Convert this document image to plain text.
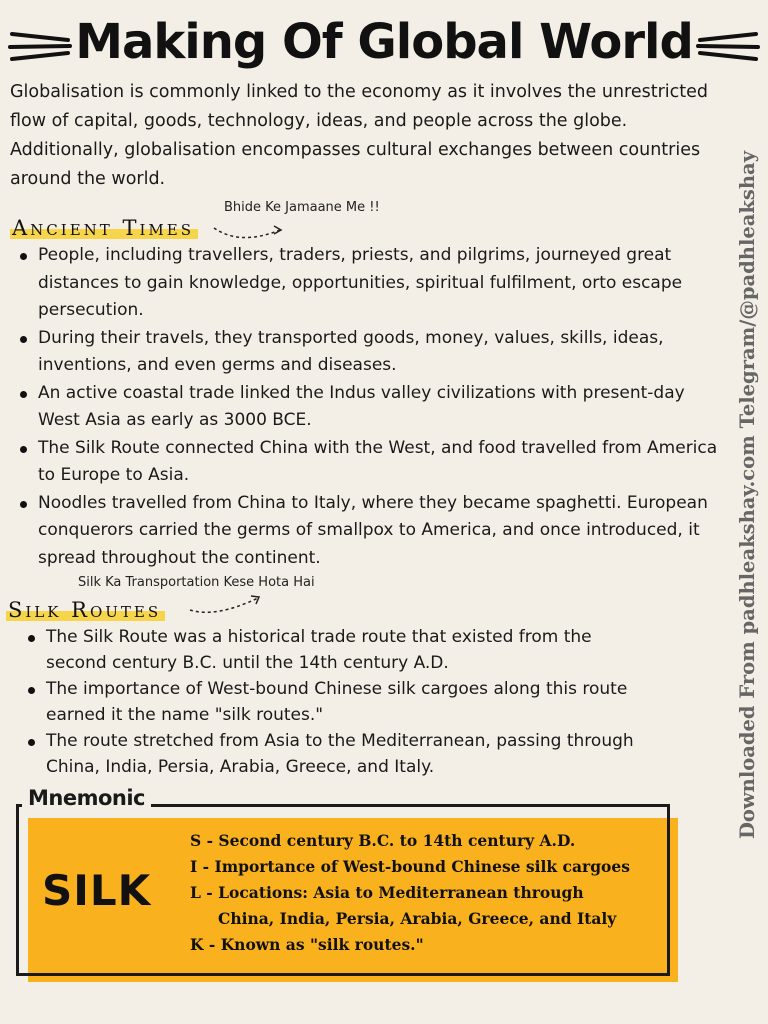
Making Of Global World

Globalisation is commonly linked to the economy as it involves the unrestricted flow of capital, goods, technology, ideas, and people across the globe. Additionally, globalisation encompasses cultural exchanges between countries around the world.

Ancient Times
Bhide Ke Jamaane Me !!
People, including travellers, traders, priests, and pilgrims, journeyed great distances to gain knowledge, opportunities, spiritual fulfilment, orto escape persecution.
During their travels, they transported goods, money, values, skills, ideas, inventions, and even germs and diseases.
An active coastal trade linked the Indus valley civilizations with present-day West Asia as early as 3000 BCE.
The Silk Route connected China with the West, and food travelled from America to Europe to Asia.
Noodles travelled from China to Italy, where they became spaghetti. European conquerors carried the germs of smallpox to America, and once introduced, it spread throughout the continent.
Silk Routes
Silk Ka Transportation Kese Hota Hai
The Silk Route was a historical trade route that existed from the second century B.C. until the 14th century A.D.
The importance of West-bound Chinese silk cargoes along this route earned it the name "silk routes."
The route stretched from Asia to the Mediterranean, passing through China, India, Persia, Arabia, Greece, and Italy.	Downloaded From padhleakshay.com Telegram/@padhleakshay
Mnemonic
SILK
S - Second century B.C. to 14th century A.D.
I - Importance of West-bound Chinese silk cargoes
L - Locations: Asia to Mediterranean through
China, India, Persia, Arabia, Greece, and Italy
K - Known as "silk routes."
